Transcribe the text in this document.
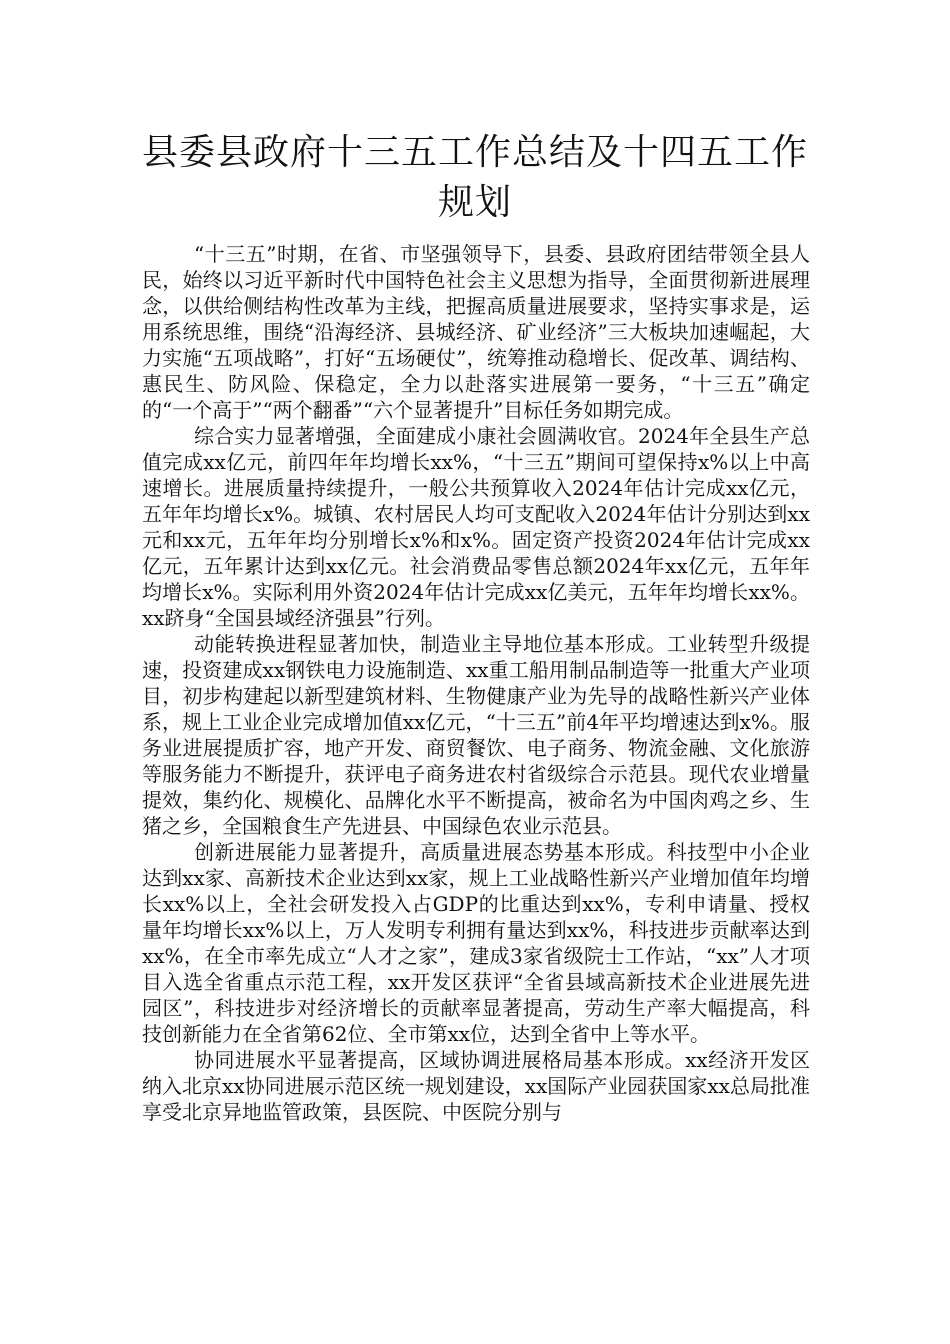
县委县政府十三五工作总结及十四五工作规划

“十三五”时期，在省、市坚强领导下，县委、县政府团结带领全县人民，始终以习近平新时代中国特色社会主义思想为指导，全面贯彻新进展理念，以供给侧结构性改革为主线，把握高质量进展要求，坚持实事求是，运用系统思维，围绕“沿海经济、县城经济、矿业经济”三大板块加速崛起，大力实施“五项战略”，打好“五场硬仗”，统筹推动稳增长、促改革、调结构、惠民生、防风险、保稳定，全力以赴落实进展第一要务，“十三五”确定的“一个高于”“两个翻番”“六个显著提升”目标任务如期完成。

综合实力显著增强，全面建成小康社会圆满收官。2024年全县生产总值完成xx亿元，前四年年均增长xx%，“十三五”期间可望保持x%以上中高速增长。进展质量持续提升，一般公共预算收入2024年估计完成xx亿元，五年年均增长x%。城镇、农村居民人均可支配收入2024年估计分别达到xx元和xx元，五年年均分别增长x%和x%。固定资产投资2024年估计完成xx亿元，五年累计达到xx亿元。社会消费品零售总额2024年xx亿元，五年年均增长x%。实际利用外资2024年估计完成xx亿美元，五年年均增长xx%。xx跻身“全国县域经济强县”行列。

动能转换进程显著加快，制造业主导地位基本形成。工业转型升级提速，投资建成xx钢铁电力设施制造、xx重工船用制品制造等一批重大产业项目，初步构建起以新型建筑材料、生物健康产业为先导的战略性新兴产业体系，规上工业企业完成增加值xx亿元，“十三五”前4年平均增速达到x%。服务业进展提质扩容，地产开发、商贸餐饮、电子商务、物流金融、文化旅游等服务能力不断提升，获评电子商务进农村省级综合示范县。现代农业增量提效，集约化、规模化、品牌化水平不断提高，被命名为中国肉鸡之乡、生猪之乡，全国粮食生产先进县、中国绿色农业示范县。

创新进展能力显著提升，高质量进展态势基本形成。科技型中小企业达到xx家、高新技术企业达到xx家，规上工业战略性新兴产业增加值年均增长xx%以上，全社会研发投入占GDP的比重达到xx%，专利申请量、授权量年均增长xx%以上，万人发明专利拥有量达到xx%，科技进步贡献率达到xx%，在全市率先成立“人才之家”，建成3家省级院士工作站，“xx”人才项目入选全省重点示范工程，xx开发区获评“全省县域高新技术企业进展先进园区”，科技进步对经济增长的贡献率显著提高，劳动生产率大幅提高，科技创新能力在全省第62位、全市第xx位，达到全省中上等水平。

协同进展水平显著提高，区域协调进展格局基本形成。xx经济开发区纳入北京xx协同进展示范区统一规划建设，xx国际产业园获国家xx总局批准享受北京异地监管政策，县医院、中医院分别与
